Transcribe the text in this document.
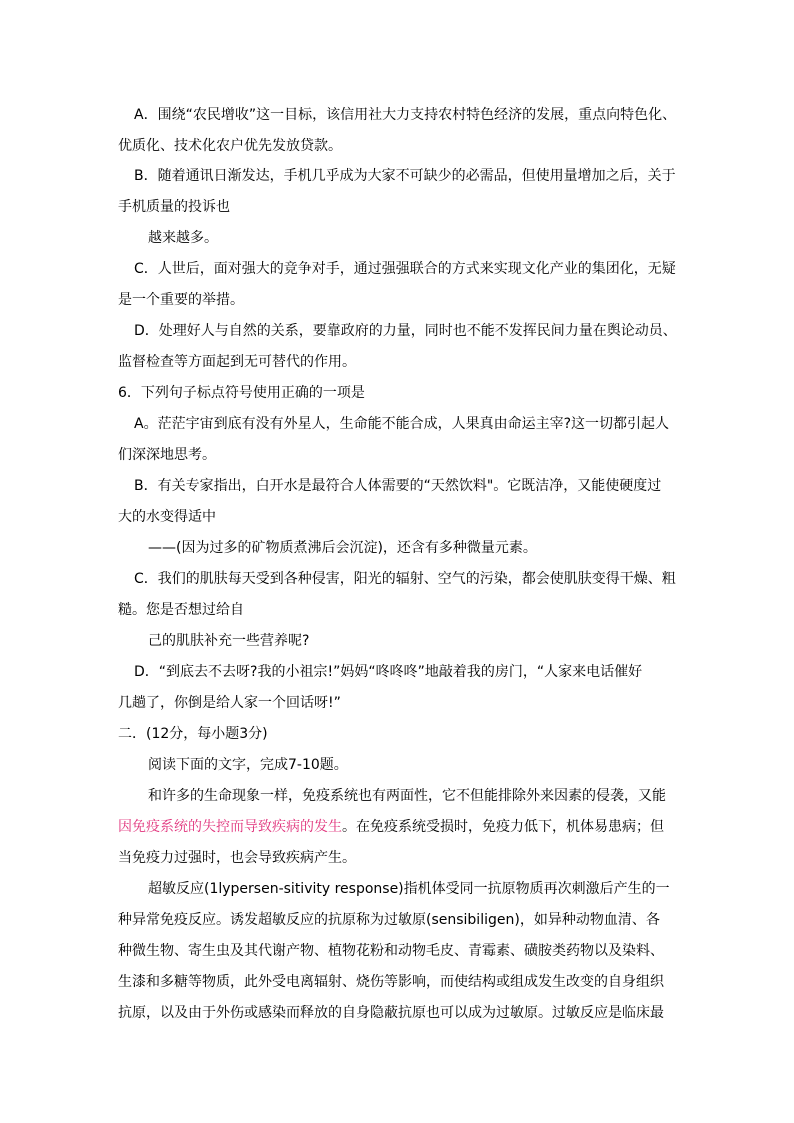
A．围绕“农民增收”这一目标，该信用社大力支持农村特色经济的发展，重点向特色化、
优质化、技术化农户优先发放贷款。
B．随着通讯日渐发达，手机几乎成为大家不可缺少的必需品，但使用量增加之后，关于
手机质量的投诉也
越来越多。
C．人世后，面对强大的竞争对手，通过强强联合的方式来实现文化产业的集团化，无疑
是一个重要的举措。
D．处理好人与自然的关系，要靠政府的力量，同时也不能不发挥民间力量在舆论动员、
监督检查等方面起到无可替代的作用。
6．下列句子标点符号使用正确的一项是
A。茫茫宇宙到底有没有外星人，生命能不能合成，人果真由命运主宰?这一切都引起人
们深深地思考。
B．有关专家指出，白开水是最符合人体需要的“天然饮料"。它既洁净，又能使硬度过
大的水变得适中
——(因为过多的矿物质煮沸后会沉淀)，还含有多种微量元素。
C．我们的肌肤每天受到各种侵害，阳光的辐射、空气的污染，都会使肌肤变得干燥、粗
糙。您是否想过给自
己的肌肤补充一些营养呢?
D．“到底去不去呀?我的小祖宗!”妈妈“咚咚咚”地敲着我的房门，“人家来电话催好
几趟了，你倒是给人家一个回话呀!”
二．(12分，每小题3分)
阅读下面的文字，完成7-10题。
和许多的生命现象一样，免疫系统也有两面性，它不但能排除外来因素的侵袭，又能
因免疫系统的失控而导致疾病的发生。在免疫系统受损时，免疫力低下，机体易患病；但
当免疫力过强时，也会导致疾病产生。
超敏反应(1lypersen-sitivity response)指机体受同一抗原物质再次刺激后产生的一
种异常免疫反应。诱发超敏反应的抗原称为过敏原(sensibiligen)，如异种动物血清、各
种微生物、寄生虫及其代谢产物、植物花粉和动物毛皮、青霉素、磺胺类药物以及染料、
生漆和多糖等物质，此外受电离辐射、烧伤等影响，而使结构或组成发生改变的自身组织
抗原，以及由于外伤或感染而释放的自身隐蔽抗原也可以成为过敏原。过敏反应是临床最
